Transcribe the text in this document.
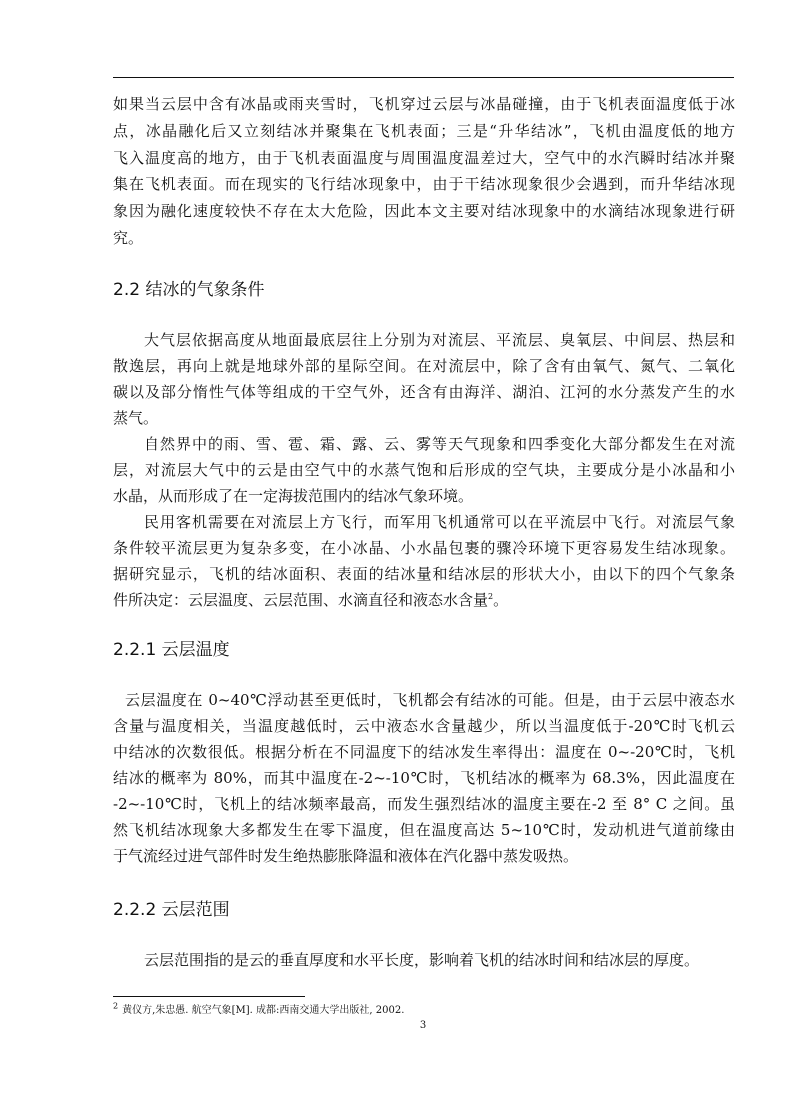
如果当云层中含有冰晶或雨夹雪时，飞机穿过云层与冰晶碰撞，由于飞机表面温度低于冰
点，冰晶融化后又立刻结冰并聚集在飞机表面；三是“升华结冰”，飞机由温度低的地方
飞入温度高的地方，由于飞机表面温度与周围温度温差过大，空气中的水汽瞬时结冰并聚
集在飞机表面。而在现实的飞行结冰现象中，由于干结冰现象很少会遇到，而升华结冰现
象因为融化速度较快不存在太大危险，因此本文主要对结冰现象中的水滴结冰现象进行研
究。
2.2 结冰的气象条件
大气层依据高度从地面最底层往上分别为对流层、平流层、臭氧层、中间层、热层和
散逸层，再向上就是地球外部的星际空间。在对流层中，除了含有由氧气、氮气、二氧化
碳以及部分惰性气体等组成的干空气外，还含有由海洋、湖泊、江河的水分蒸发产生的水
蒸气。
自然界中的雨、雪、雹、霜、露、云、雾等天气现象和四季变化大部分都发生在对流
层，对流层大气中的云是由空气中的水蒸气饱和后形成的空气块，主要成分是小冰晶和小
水晶，从而形成了在一定海拔范围内的结冰气象环境。
民用客机需要在对流层上方飞行，而军用飞机通常可以在平流层中飞行。对流层气象
条件较平流层更为复杂多变，在小冰晶、小水晶包裹的骤冷环境下更容易发生结冰现象。
据研究显示，飞机的结冰面积、表面的结冰量和结冰层的形状大小，由以下的四个气象条
件所决定：云层温度、云层范围、水滴直径和液态水含量$^2$。
2.2.1 云层温度
云层温度在 0~40℃浮动甚至更低时，飞机都会有结冰的可能。但是，由于云层中液态水
含量与温度相关，当温度越低时，云中液态水含量越少，所以当温度低于-20℃时飞机云
中结冰的次数很低。根据分析在不同温度下的结冰发生率得出：温度在 0~-20℃时，飞机
结冰的概率为 80%，而其中温度在-2~-10℃时，飞机结冰的概率为 68.3%，因此温度在
-2~-10℃时，飞机上的结冰频率最高，而发生强烈结冰的温度主要在-2 至 8° C 之间。虽
然飞机结冰现象大多都发生在零下温度，但在温度高达 5~10℃时，发动机进气道前缘由
于气流经过进气部件时发生绝热膨胀降温和液体在汽化器中蒸发吸热。
2.2.2 云层范围
云层范围指的是云的垂直厚度和水平长度，影响着飞机的结冰时间和结冰层的厚度。
$^2$ 黄仪方,朱忠愚. 航空气象[M]. 成都:西南交通大学出版社, 2002.
3
